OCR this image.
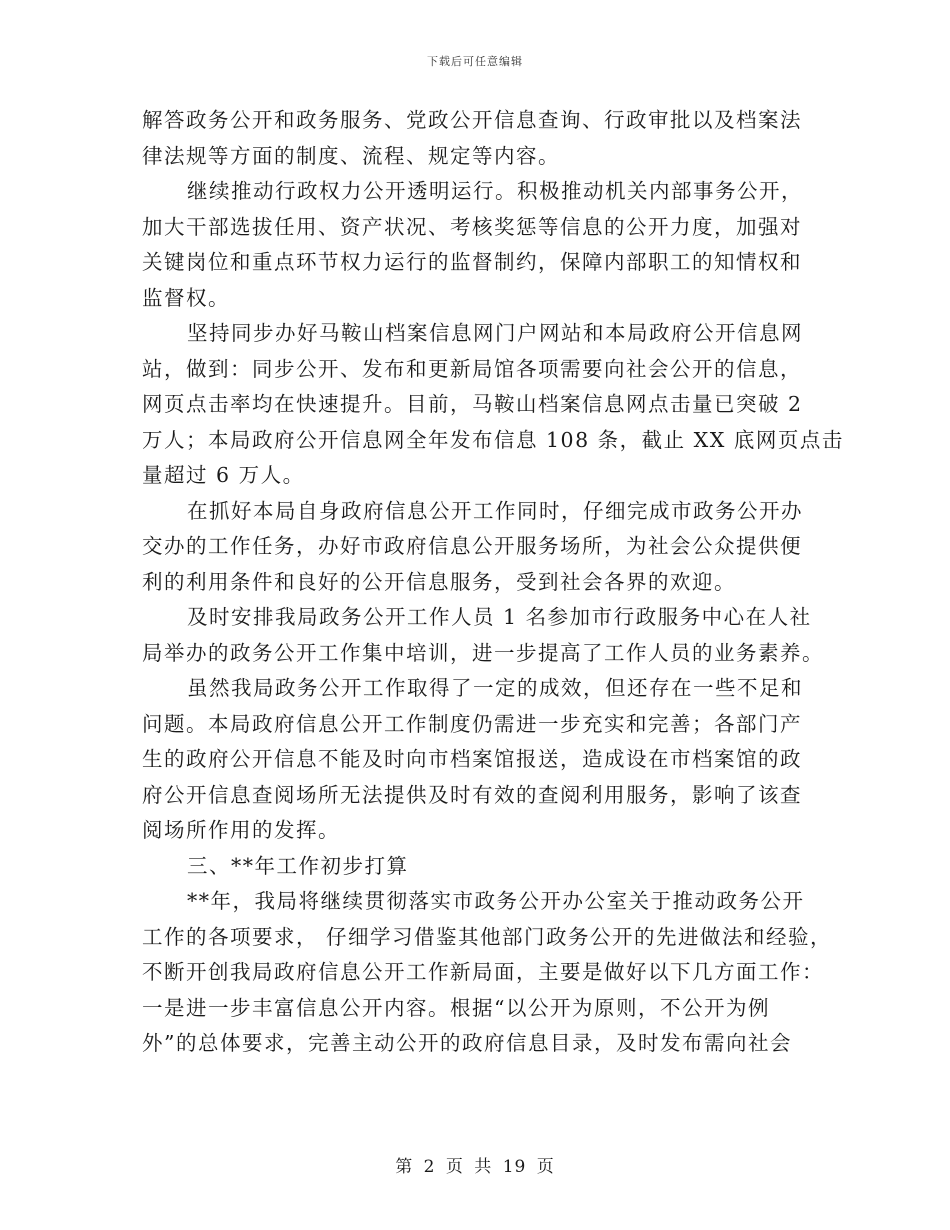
下载后可任意编辑

解答政务公开和政务服务、党政公开信息查询、行政审批以及档案法
律法规等方面的制度、流程、规定等内容。

继续推动行政权力公开透明运行。积极推动机关内部事务公开，
加大干部选拔任用、资产状况、考核奖惩等信息的公开力度，加强对
关键岗位和重点环节权力运行的监督制约，保障内部职工的知情权和
监督权。

坚持同步办好马鞍山档案信息网门户网站和本局政府公开信息网
站，做到：同步公开、发布和更新局馆各项需要向社会公开的信息，
网页点击率均在快速提升。目前，马鞍山档案信息网点击量已突破 2
万人；本局政府公开信息网全年发布信息 108 条，截止 XX 底网页点击
量超过 6 万人。

在抓好本局自身政府信息公开工作同时，仔细完成市政务公开办
交办的工作任务，办好市政府信息公开服务场所，为社会公众提供便
利的利用条件和良好的公开信息服务，受到社会各界的欢迎。

及时安排我局政务公开工作人员 1 名参加市行政服务中心在人社
局举办的政务公开工作集中培训，进一步提高了工作人员的业务素养。

虽然我局政务公开工作取得了一定的成效，但还存在一些不足和
问题。本局政府信息公开工作制度仍需进一步充实和完善；各部门产
生的政府公开信息不能及时向市档案馆报送，造成设在市档案馆的政
府公开信息查阅场所无法提供及时有效的查阅利用服务，影响了该查
阅场所作用的发挥。

三、**年工作初步打算

**年，我局将继续贯彻落实市政务公开办公室关于推动政务公开
工作的各项要求， 仔细学习借鉴其他部门政务公开的先进做法和经验，
不断开创我局政府信息公开工作新局面，主要是做好以下几方面工作：
一是进一步丰富信息公开内容。根据“以公开为原则，不公开为例
外”的总体要求，完善主动公开的政府信息目录，及时发布需向社会

第 2 页 共 19 页
